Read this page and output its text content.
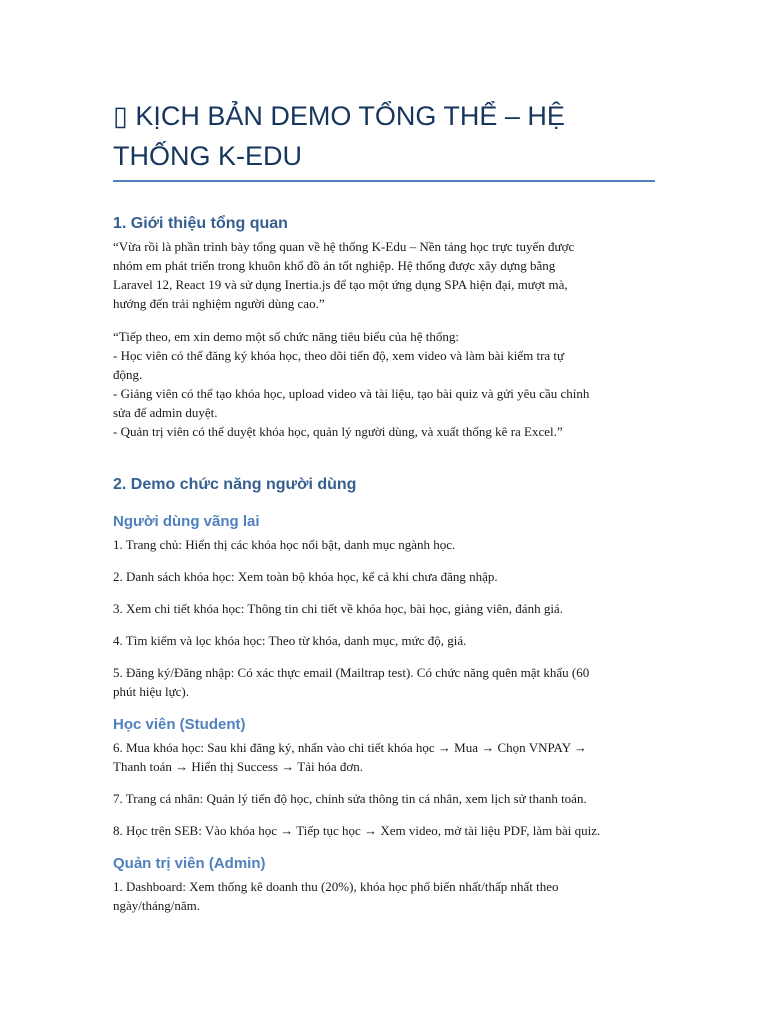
▯ KỊCH BẢN DEMO TỔNG THỂ – HỆ
THỐNG K-EDU
1. Giới thiệu tổng quan

“Vừa rồi là phần trình bày tổng quan về hệ thống K-Edu – Nền tảng học trực tuyến được
nhóm em phát triển trong khuôn khổ đồ án tốt nghiệp. Hệ thống được xây dựng bằng
Laravel 12, React 19 và sử dụng Inertia.js để tạo một ứng dụng SPA hiện đại, mượt mà,
hướng đến trải nghiệm người dùng cao.”

“Tiếp theo, em xin demo một số chức năng tiêu biểu của hệ thống:
- Học viên có thể đăng ký khóa học, theo dõi tiến độ, xem video và làm bài kiểm tra tự
động.
- Giảng viên có thể tạo khóa học, upload video và tài liệu, tạo bài quiz và gửi yêu cầu chỉnh
sửa để admin duyệt.
- Quản trị viên có thể duyệt khóa học, quản lý người dùng, và xuất thống kê ra Excel.”

2. Demo chức năng người dùng
Người dùng vãng lai

1. Trang chủ: Hiển thị các khóa học nổi bật, danh mục ngành học.

2. Danh sách khóa học: Xem toàn bộ khóa học, kể cả khi chưa đăng nhập.

3. Xem chi tiết khóa học: Thông tin chi tiết về khóa học, bài học, giảng viên, đánh giá.

4. Tìm kiếm và lọc khóa học: Theo từ khóa, danh mục, mức độ, giá.

5. Đăng ký/Đăng nhập: Có xác thực email (Mailtrap test). Có chức năng quên mật khẩu (60
phút hiệu lực).

Học viên (Student)

6. Mua khóa học: Sau khi đăng ký, nhấn vào chi tiết khóa học → Mua → Chọn VNPAY →
Thanh toán → Hiển thị Success → Tải hóa đơn.

7. Trang cá nhân: Quản lý tiến độ học, chỉnh sửa thông tin cá nhân, xem lịch sử thanh toán.

8. Học trên SEB: Vào khóa học → Tiếp tục học → Xem video, mở tài liệu PDF, làm bài quiz.

Quản trị viên (Admin)

1. Dashboard: Xem thống kê doanh thu (20%), khóa học phổ biến nhất/thấp nhất theo
ngày/tháng/năm.
